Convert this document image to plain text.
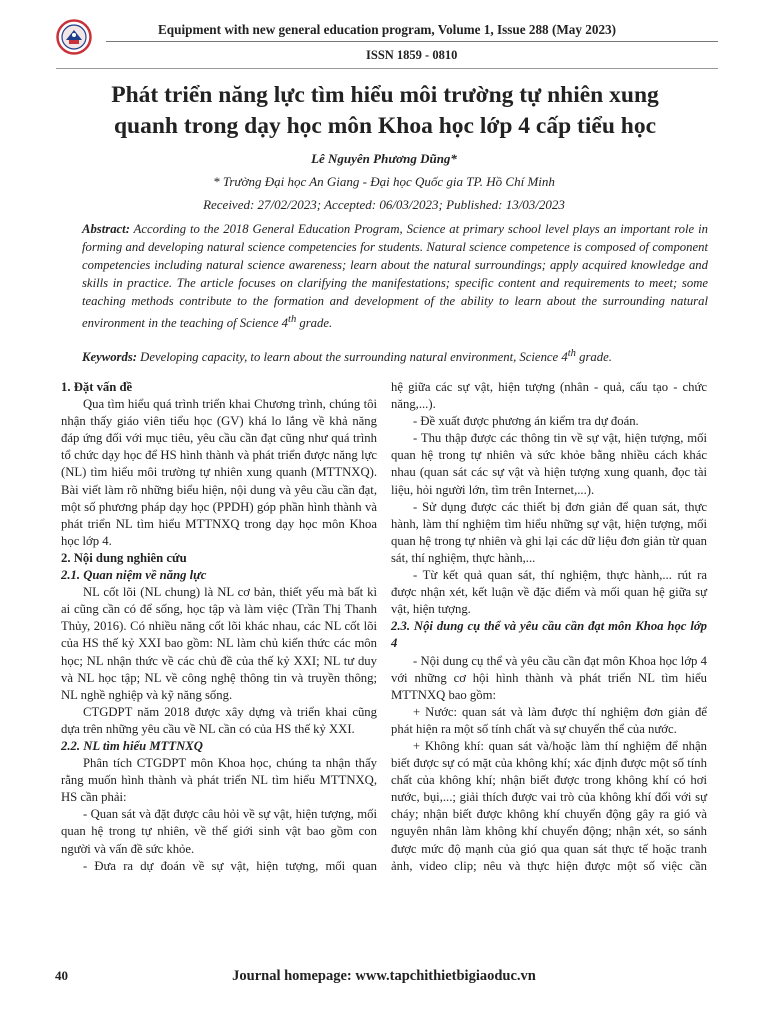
Equipment with new general education program, Volume 1, Issue 288 (May 2023)
ISSN 1859 - 0810
Phát triển năng lực tìm hiểu môi trường tự nhiên xung quanh trong dạy học môn Khoa học lớp 4 cấp tiểu học
Lê Nguyên Phương Dũng*
* Trường Đại học An Giang - Đại học Quốc gia TP. Hồ Chí Minh
Received: 27/02/2023; Accepted: 06/03/2023; Published: 13/03/2023

Abstract: According to the 2018 General Education Program, Science at primary school level plays an important role in forming and developing natural science competencies for students. Natural science competence is composed of component competencies including natural science awareness; learn about the natural surroundings; apply acquired knowledge and skills in practice. The article focuses on clarifying the manifestations; specific content and requirements to meet; some teaching methods contribute to the formation and development of the ability to learn about the surrounding natural environment in the teaching of Science 4th grade.

Keywords: Developing capacity, to learn about the surrounding natural environment, Science 4th grade.

1. Đặt vấn đề

Qua tìm hiểu quá trình triển khai Chương trình, chúng tôi nhận thấy giáo viên tiểu học (GV) khá lo lắng về khả năng đáp ứng đối với mục tiêu, yêu cầu cần đạt cũng như quá trình tổ chức dạy học để HS hình thành và phát triển được năng lực (NL) tìm hiểu môi trường tự nhiên xung quanh (MTTNXQ). Bài viết làm rõ những biểu hiện, nội dung và yêu cầu cần đạt, một số phương pháp dạy học (PPDH) góp phần hình thành và phát triển NL tìm hiểu MTTNXQ trong dạy học môn Khoa học lớp 4.

2. Nội dung nghiên cứu

2.1. Quan niệm về năng lực

NL cốt lõi (NL chung) là NL cơ bản, thiết yếu mà bất kì ai cũng cần có để sống, học tập và làm việc (Trần Thị Thanh Thủy, 2016). Có nhiều năng cốt lõi khác nhau, các NL cốt lõi của HS thế kỷ XXI bao gồm: NL làm chủ kiến thức các môn học; NL nhận thức về các chủ đề của thế kỷ XXI; NL tư duy và NL học tập; NL về công nghệ thông tin và truyền thông; NL nghề nghiệp và kỹ năng sống.

CTGDPT năm 2018 được xây dựng và triển khai cũng dựa trên những yêu cầu về NL cần có của HS thế kỷ XXI.

2.2. NL tìm hiểu MTTNXQ

Phân tích CTGDPT môn Khoa học, chúng ta nhận thấy rằng muốn hình thành và phát triển NL tìm hiểu MTTNXQ, HS cần phải:

- Quan sát và đặt được câu hỏi về sự vật, hiện tượng, mối quan hệ trong tự nhiên, về thế giới sinh vật bao gồm con người và vấn đề sức khỏe.

- Đưa ra dự đoán về sự vật, hiện tượng, mối quan

hệ giữa các sự vật, hiện tượng (nhân - quả, cấu tạo - chức năng,...).

- Đề xuất được phương án kiểm tra dự đoán.

- Thu thập được các thông tin về sự vật, hiện tượng, mối quan hệ trong tự nhiên và sức khỏe bằng nhiều cách khác nhau (quan sát các sự vật và hiện tượng xung quanh, đọc tài liệu, hỏi người lớn, tìm trên Internet,...).

- Sử dụng được các thiết bị đơn giản để quan sát, thực hành, làm thí nghiệm tìm hiểu những sự vật, hiện tượng, mối quan hệ trong tự nhiên và ghi lại các dữ liệu đơn giản từ quan sát, thí nghiệm, thực hành,...

- Từ kết quả quan sát, thí nghiệm, thực hành,... rút ra được nhận xét, kết luận về đặc điểm và mối quan hệ giữa sự vật, hiện tượng.

2.3. Nội dung cụ thể và yêu cầu cần đạt môn Khoa học lớp 4

- Nội dung cụ thể và yêu cầu cần đạt môn Khoa học lớp 4 với những cơ hội hình thành và phát triển NL tìm hiểu MTTNXQ bao gồm:

+ Nước: quan sát và làm được thí nghiệm đơn giản để phát hiện ra một số tính chất và sự chuyển thể của nước.

+ Không khí: quan sát và/hoặc làm thí nghiệm để nhận biết được sự có mặt của không khí; xác định được một số tính chất của không khí; nhận biết được trong không khí có hơi nước, bụi,...; giải thích được vai trò của không khí đối với sự cháy; nhận biết được không khí chuyển động gây ra gió và nguyên nhân làm không khí chuyển động; nhận xét, so sánh được mức độ mạnh của gió qua quan sát thực tế hoặc tranh ảnh, video clip; nêu và thực hiện được một số việc cần

40	Journal homepage: www.tapchithietbigiaoduc.vn
